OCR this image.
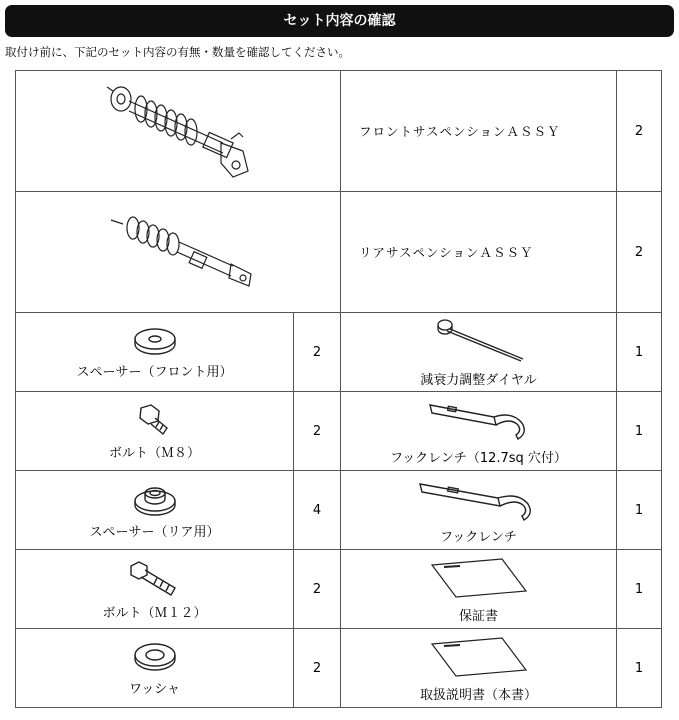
セット内容の確認
取付け前に、下記のセット内容の有無・数量を確認してください。
	フロントサスペンションＡＳＳＹ	2

	リアサスペンションＡＳＳＹ	2

スペーサー（フロント用）	2	減衰力調整ダイヤル	1

ボルト（Ｍ８）	2	フックレンチ（12.7sq 穴付）	1

スペーサー（リア用）	4	フックレンチ	1

ボルト（Ｍ１２）	2	保証書	1

ワッシャ	2	取扱説明書（本書）	1
